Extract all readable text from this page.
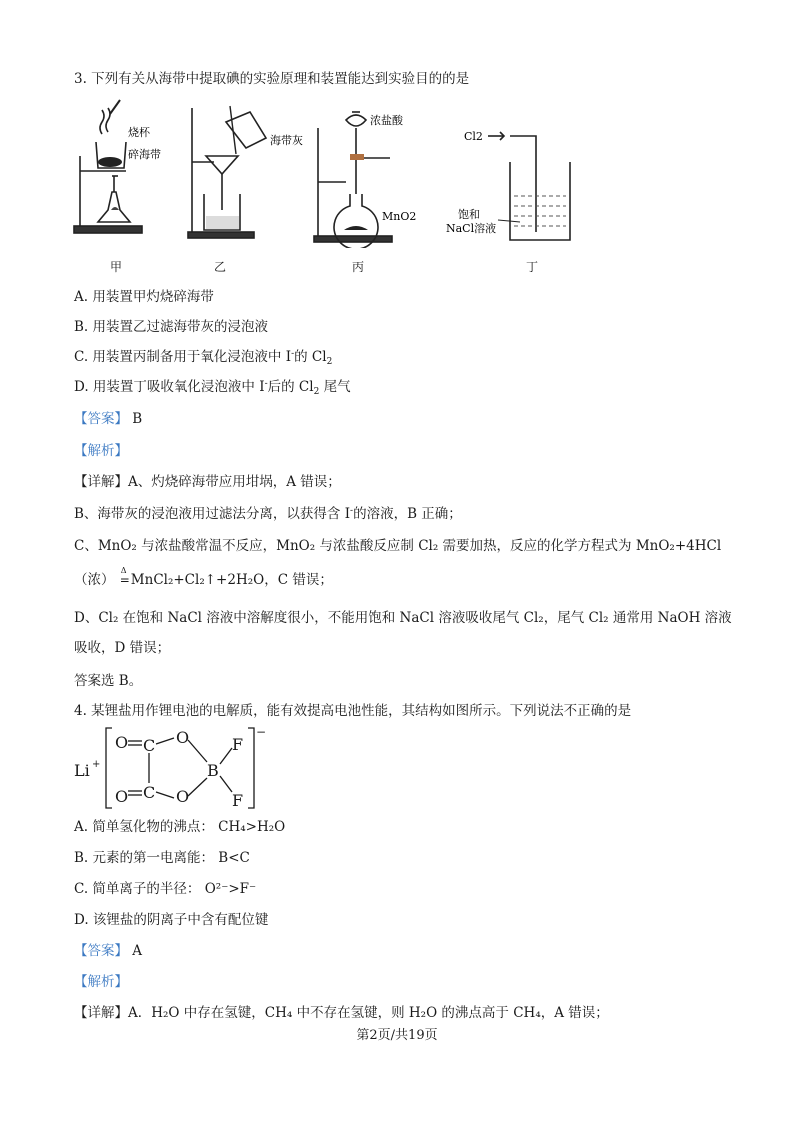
3. 下列有关从海带中提取碘的实验原理和装置能达到实验目的的是
烧杯
碎海带
甲
海带灰
乙
浓盐酸
MnO2
丙
Cl2
饱和
NaCl溶液
丁
A. 用装置甲灼烧碎海带
B. 用装置乙过滤海带灰的浸泡液
C. 用装置丙制备用于氧化浸泡液中 I-的 $Cl_2$
D. 用装置丁吸收氧化浸泡液中 I-后的 $Cl_2$ 尾气
【答案】 B
【解析】
【详解】A、灼烧碎海带应用坩埚，A 错误；
B、海带灰的浸泡液用过滤法分离，以获得含 I-的溶液，B 正确；
C、MnO₂ 与浓盐酸常温不反应，MnO₂ 与浓盐酸反应制 Cl₂ 需要加热，反应的化学方程式为 MnO₂+4HCl
（浓）
Δ
=MnCl₂+Cl₂↑+2H₂O，C 错误；
D、Cl₂ 在饱和 NaCl 溶液中溶解度很小，不能用饱和 NaCl 溶液吸收尾气 Cl₂，尾气 Cl₂ 通常用 NaOH 溶液
吸收，D 错误；
答案选 B。
4. 某锂盐用作锂电池的电解质，能有效提高电池性能，其结构如图所示。下列说法不正确的是
Li +
O C O
B
F
F
O
C
O
−
A. 简单氢化物的沸点： CH₄>H₂O
B. 元素的第一电离能： B<C
C. 简单离子的半径： O²⁻>F⁻
D. 该锂盐的阴离子中含有配位键
【答案】 A
【解析】
【详解】A．H₂O 中存在氢键，CH₄ 中不存在氢键，则 H₂O 的沸点高于 CH₄，A 错误；
第2页/共19页
